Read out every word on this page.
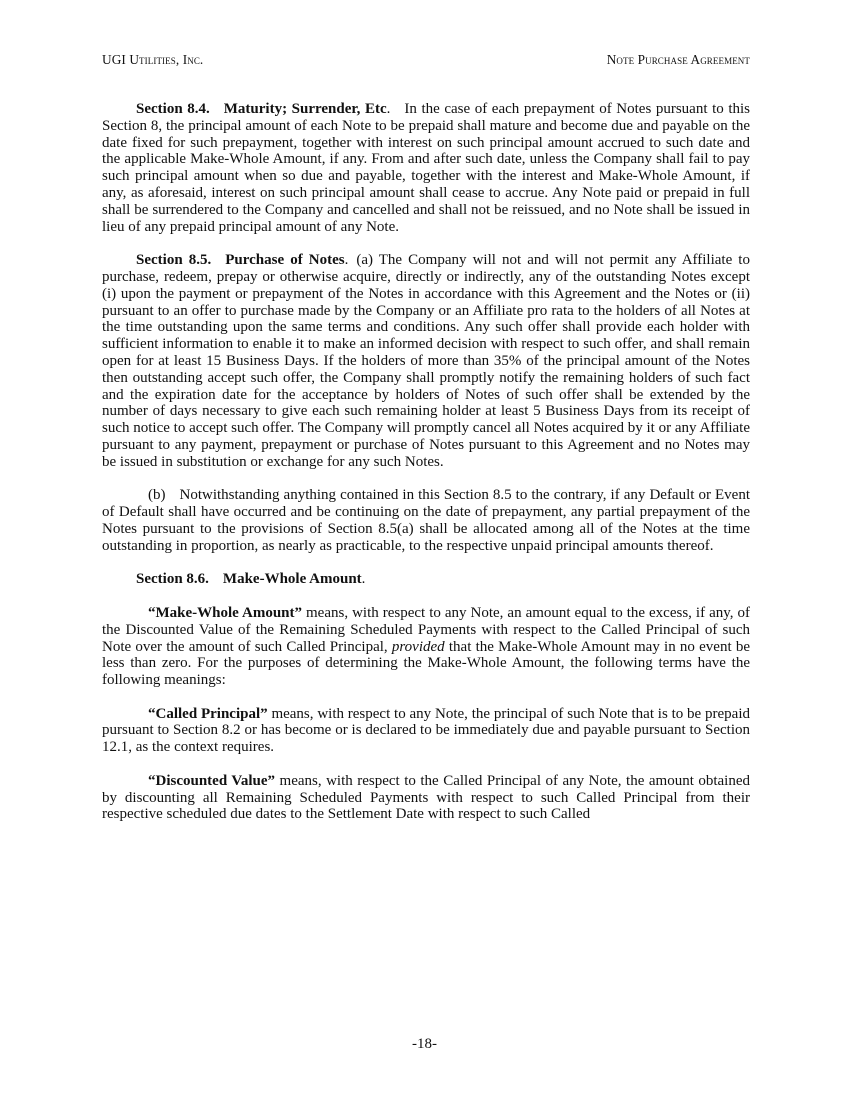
UGI Utilities, Inc.	Note Purchase Agreement

Section 8.4. Maturity; Surrender, Etc. In the case of each prepayment of Notes pursuant to this Section 8, the principal amount of each Note to be prepaid shall mature and become due and payable on the date fixed for such prepayment, together with interest on such principal amount accrued to such date and the applicable Make-Whole Amount, if any. From and after such date, unless the Company shall fail to pay such principal amount when so due and payable, together with the interest and Make-Whole Amount, if any, as aforesaid, interest on such principal amount shall cease to accrue. Any Note paid or prepaid in full shall be surrendered to the Company and cancelled and shall not be reissued, and no Note shall be issued in lieu of any prepaid principal amount of any Note.

Section 8.5. Purchase of Notes. (a) The Company will not and will not permit any Affiliate to purchase, redeem, prepay or otherwise acquire, directly or indirectly, any of the outstanding Notes except (i) upon the payment or prepayment of the Notes in accordance with this Agreement and the Notes or (ii) pursuant to an offer to purchase made by the Company or an Affiliate pro rata to the holders of all Notes at the time outstanding upon the same terms and conditions. Any such offer shall provide each holder with sufficient information to enable it to make an informed decision with respect to such offer, and shall remain open for at least 15 Business Days. If the holders of more than 35% of the principal amount of the Notes then outstanding accept such offer, the Company shall promptly notify the remaining holders of such fact and the expiration date for the acceptance by holders of Notes of such offer shall be extended by the number of days necessary to give each such remaining holder at least 5 Business Days from its receipt of such notice to accept such offer. The Company will promptly cancel all Notes acquired by it or any Affiliate pursuant to any payment, prepayment or purchase of Notes pursuant to this Agreement and no Notes may be issued in substitution or exchange for any such Notes.

(b) Notwithstanding anything contained in this Section 8.5 to the contrary, if any Default or Event of Default shall have occurred and be continuing on the date of prepayment, any partial prepayment of the Notes pursuant to the provisions of Section 8.5(a) shall be allocated among all of the Notes at the time outstanding in proportion, as nearly as practicable, to the respective unpaid principal amounts thereof.

Section 8.6. Make-Whole Amount.

“Make-Whole Amount” means, with respect to any Note, an amount equal to the excess, if any, of the Discounted Value of the Remaining Scheduled Payments with respect to the Called Principal of such Note over the amount of such Called Principal, provided that the Make-Whole Amount may in no event be less than zero. For the purposes of determining the Make-Whole Amount, the following terms have the following meanings:

“Called Principal” means, with respect to any Note, the principal of such Note that is to be prepaid pursuant to Section 8.2 or has become or is declared to be immediately due and payable pursuant to Section 12.1, as the context requires.

“Discounted Value” means, with respect to the Called Principal of any Note, the amount obtained by discounting all Remaining Scheduled Payments with respect to such Called Principal from their respective scheduled due dates to the Settlement Date with respect to such Called

-18-
